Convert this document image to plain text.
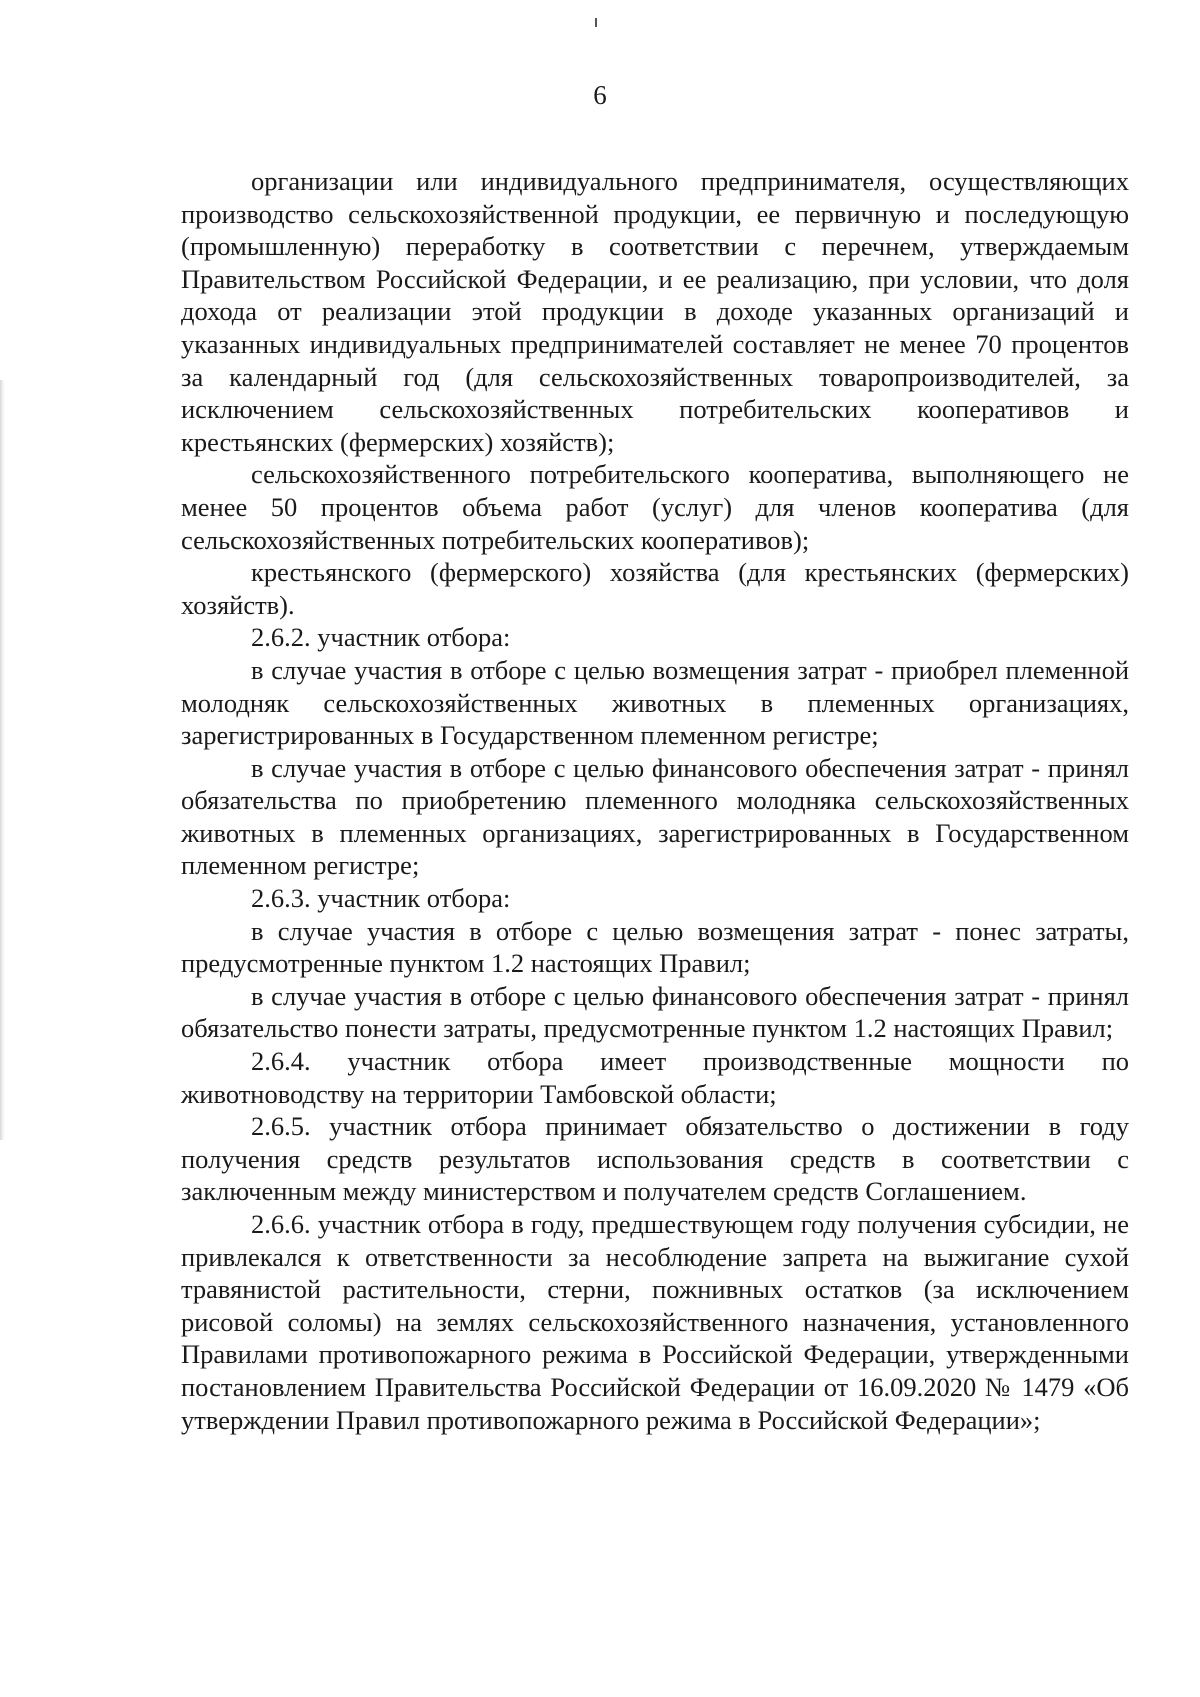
6

организации или индивидуального предпринимателя, осуществляющих производство сельскохозяйственной продукции, ее первичную и последующую (промышленную) переработку в соответствии с перечнем, утверждаемым Правительством Российской Федерации, и ее реализацию, при условии, что доля дохода от реализации этой продукции в доходе указанных организаций и указанных индивидуальных предпринимателей составляет не менее 70 процентов за календарный год (для сельскохозяйственных товаропроизводителей, за исключением сельскохозяйственных потребительских кооперативов и крестьянских (фермерских) хозяйств);

сельскохозяйственного потребительского кооператива, выполняющего не менее 50 процентов объема работ (услуг) для членов кооператива (для сельскохозяйственных потребительских кооперативов);

крестьянского (фермерского) хозяйства (для крестьянских (фермерских) хозяйств).

2.6.2. участник отбора:

в случае участия в отборе с целью возмещения затрат - приобрел племенной молодняк сельскохозяйственных животных в племенных организациях, зарегистрированных в Государственном племенном регистре;

в случае участия в отборе с целью финансового обеспечения затрат - принял обязательства по приобретению племенного молодняка сельскохозяйственных животных в племенных организациях, зарегистрированных в Государственном племенном регистре;

2.6.3. участник отбора:

в случае участия в отборе с целью возмещения затрат - понес затраты, предусмотренные пунктом 1.2 настоящих Правил;

в случае участия в отборе с целью финансового обеспечения затрат - принял обязательство понести затраты, предусмотренные пунктом 1.2 настоящих Правил;

2.6.4. участник отбора имеет производственные мощности по животноводству на территории Тамбовской области;

2.6.5. участник отбора принимает обязательство о достижении в году получения средств результатов использования средств в соответствии с заключенным между министерством и получателем средств Соглашением.

2.6.6. участник отбора в году, предшествующем году получения субсидии, не привлекался к ответственности за несоблюдение запрета на выжигание сухой травянистой растительности, стерни, пожнивных остатков (за исключением рисовой соломы) на землях сельскохозяйственного назначения, установленного Правилами противопожарного режима в Российской Федерации, утвержденными постановлением Правительства Российской Федерации от 16.09.2020 № 1479 «Об утверждении Правил противопожарного режима в Российской Федерации»;
